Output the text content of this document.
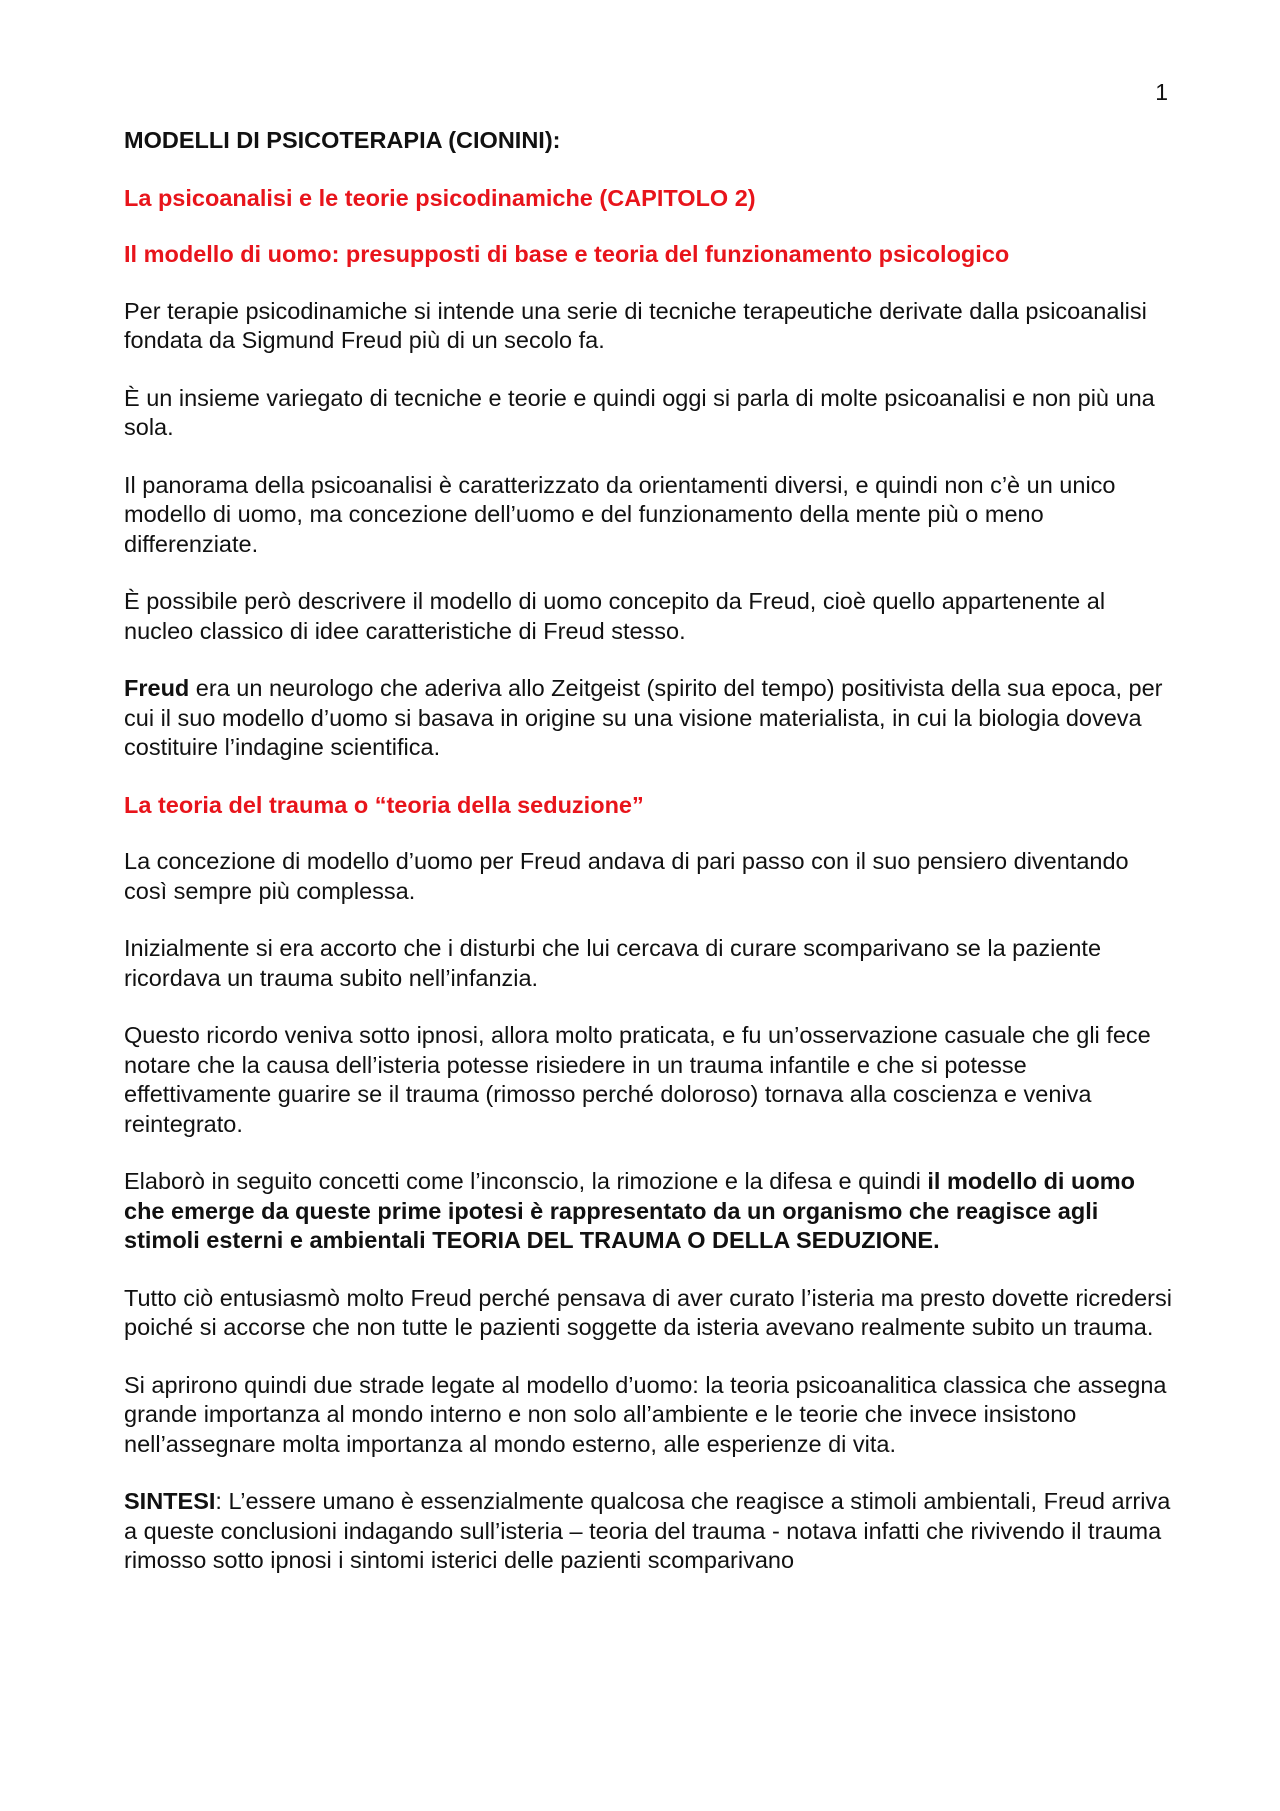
1

MODELLI DI PSICOTERAPIA (CIONINI):

La psicoanalisi e le teorie psicodinamiche (CAPITOLO 2)

Il modello di uomo: presupposti di base e teoria del funzionamento psicologico

Per terapie psicodinamiche si intende una serie di tecniche terapeutiche derivate dalla psicoanalisi fondata da Sigmund Freud più di un secolo fa.

È un insieme variegato di tecniche e teorie e quindi oggi si parla di molte psicoanalisi e non più una sola.

Il panorama della psicoanalisi è caratterizzato da orientamenti diversi, e quindi non c’è un unico modello di uomo, ma concezione dell’uomo e del funzionamento della mente più o meno differenziate.

È possibile però descrivere il modello di uomo concepito da Freud, cioè quello appartenente al nucleo classico di idee caratteristiche di Freud stesso.

Freud era un neurologo che aderiva allo Zeitgeist (spirito del tempo) positivista della sua epoca, per cui il suo modello d’uomo si basava in origine su una visione materialista, in cui la biologia doveva costituire l’indagine scientifica.

La teoria del trauma o “teoria della seduzione”

La concezione di modello d’uomo per Freud andava di pari passo con il suo pensiero diventando così sempre più complessa.

Inizialmente si era accorto che i disturbi che lui cercava di curare scomparivano se la paziente ricordava un trauma subito nell’infanzia.

Questo ricordo veniva sotto ipnosi, allora molto praticata, e fu un’osservazione casuale che gli fece notare che la causa dell’isteria potesse risiedere in un trauma infantile e che si potesse effettivamente guarire se il trauma (rimosso perché doloroso) tornava alla coscienza e veniva reintegrato.

Elaborò in seguito concetti come l’inconscio, la rimozione e la difesa e quindi il modello di uomo che emerge da queste prime ipotesi è rappresentato da un organismo che reagisce agli stimoli esterni e ambientali TEORIA DEL TRAUMA O DELLA SEDUZIONE.

Tutto ciò entusiasmò molto Freud perché pensava di aver curato l’isteria ma presto dovette ricredersi poiché si accorse che non tutte le pazienti soggette da isteria avevano realmente subito un trauma.

Si aprirono quindi due strade legate al modello d’uomo: la teoria psicoanalitica classica che assegna grande importanza al mondo interno e non solo all’ambiente e le teorie che invece insistono nell’assegnare molta importanza al mondo esterno, alle esperienze di vita.

SINTESI: L’essere umano è essenzialmente qualcosa che reagisce a stimoli ambientali, Freud arriva a queste conclusioni indagando sull’isteria – teoria del trauma - notava infatti che rivivendo il trauma rimosso sotto ipnosi i sintomi isterici delle pazienti scomparivano
